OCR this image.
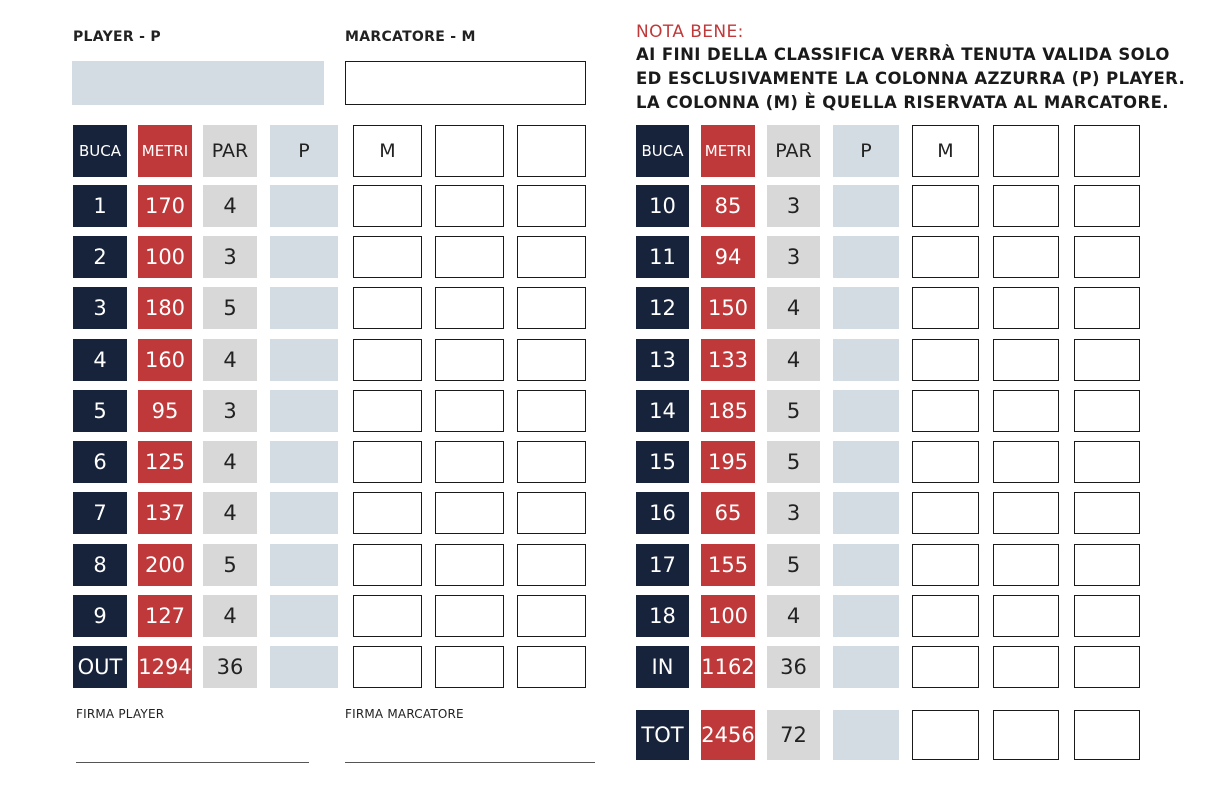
PLAYER - P	MARCATORE - M	NOTA BENE:
AI FINI DELLA CLASSIFICA VERRÀ TENUTA VALIDA SOLO
ED ESCLUSIVAMENTE LA COLONNA AZZURRA (P) PLAYER.
LA COLONNA (M) È QUELLA RISERVATA AL MARCATORE.
BUCA	METRI	PAR	P	M	BUCA	METRI	PAR	P	M
1	170	4
2	100	3
3	180	5
4	160	4
5	95	3
6	125	4
7	137	4
8	200	5
9	127	4
OUT 1294	36
10	85	3
11	94	3
12	150	4
13	133	4
14	185	5
15	195	5
16	65	3
17	155	5
18	100	4
IN	1162	36
TOT 2456	72
FIRMA PLAYER	FIRMA MARCATORE
